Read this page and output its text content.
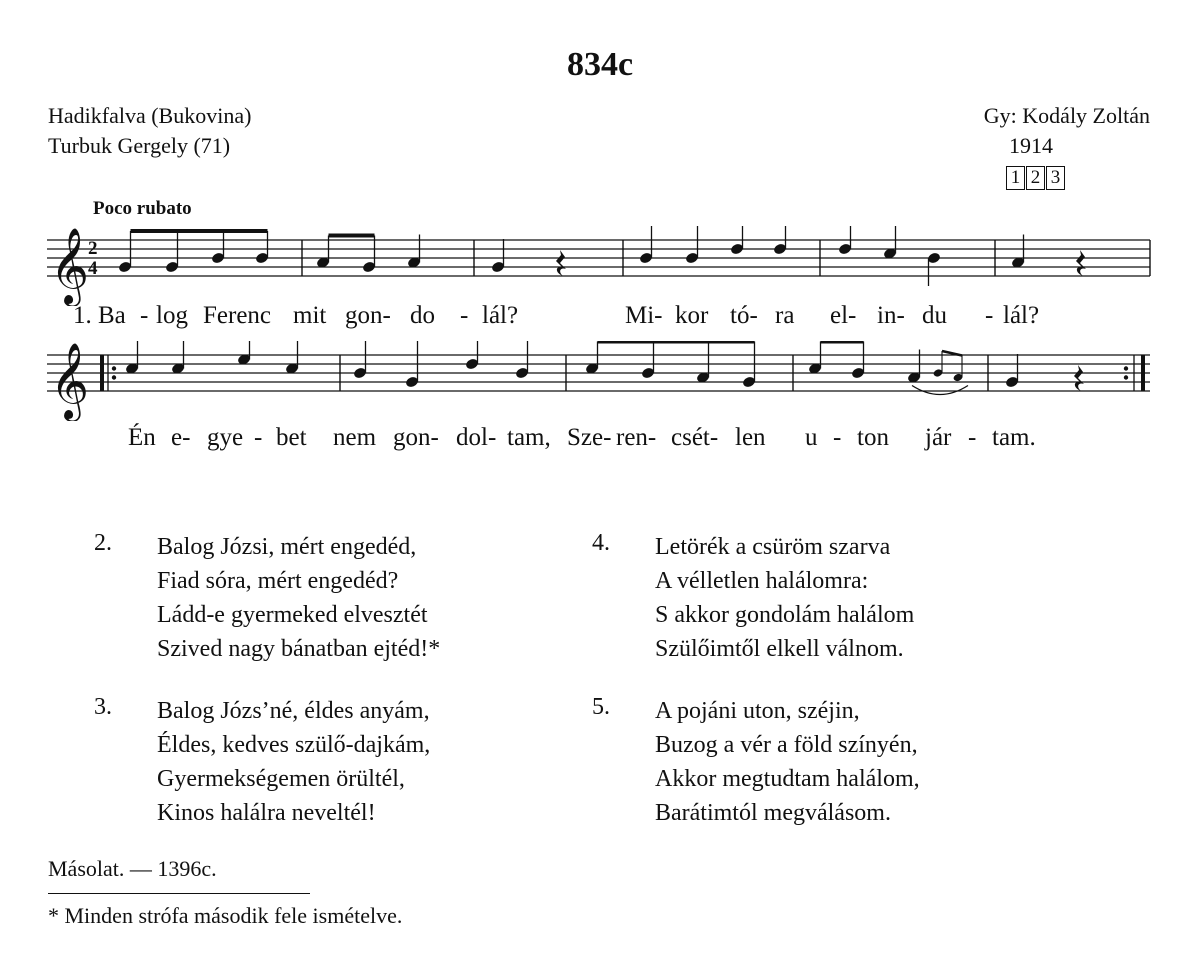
834c
Hadikfalva (Bukovina)
Turbuk Gergely (71)
Gy: Kodály Zoltán
1914
1 2 3
Poco rubato
𝄞
2
4
1. Ba - log Ferenc mit gon- do - lál?	Mi- kor tó- ra el- in- du - lál?
𝄞
Én e- gye - bet nem gon- dol- tam, Sze- ren- csét- len u - ton jár - tam.
2. Balog Józsi, mért engedéd,
Fiad sóra, mért engedéd?
Ládd-e gyermeked elvesztét
Szived nagy bánatban ejtéd!*
3. Balog Józs’né, éldes anyám,
Éldes, kedves szülő-dajkám,
Gyermekségemen örültél,
Kinos halálra neveltél!
4. Letörék a csüröm szarva
A vélletlen halálomra:
S akkor gondolám halálom
Szülőimtől elkell válnom.
5. A pojáni uton, széjin,
Buzog a vér a föld színyén,
Akkor megtudtam halálom,
Barátimtól megválásom.
Másolat. — 1396c.
* Minden strófa második fele ismételve.
